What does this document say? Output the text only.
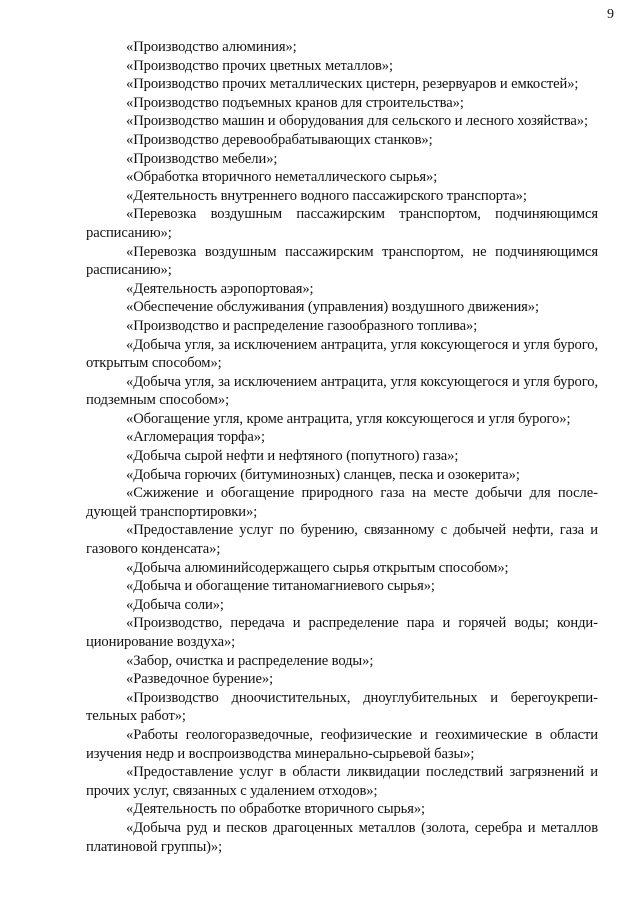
9

«Производство алюминия»;

«Производство прочих цветных металлов»;

«Производство прочих металлических цистерн, резервуаров и емкостей»;

«Производство подъемных кранов для строительства»;

«Производство машин и оборудования для сельского и лесного хозяйства»;

«Производство деревообрабатывающих станков»;

«Производство мебели»;

«Обработка вторичного неметаллического сырья»;

«Деятельность внутреннего водного пассажирского транспорта»;

«Перевозка воздушным пассажирским транспортом, подчиняющимся расписанию»;

«Перевозка воздушным пассажирским транспортом, не подчиняющимся расписанию»;

«Деятельность аэропортовая»;

«Обеспечение обслуживания (управления) воздушного движения»;

«Производство и распределение газообразного топлива»;

«Добыча угля, за исключением антрацита, угля коксующегося и угля бурого, открытым способом»;

«Добыча угля, за исключением антрацита, угля коксующегося и угля бурого, подземным способом»;

«Обогащение угля, кроме антрацита, угля коксующегося и угля бурого»;

«Агломерация торфа»;

«Добыча сырой нефти и нефтяного (попутного) газа»;

«Добыча горючих (битуминозных) сланцев, песка и озокерита»;

«Сжижение и обогащение природного газа на месте добычи для последующей транспортировки»;

«Предоставление услуг по бурению, связанному с добычей нефти, газа и газового конденсата»;

«Добыча алюминийсодержащего сырья открытым способом»;

«Добыча и обогащение титаномагниевого сырья»;

«Добыча соли»;

«Производство, передача и распределение пара и горячей воды; кондиционирование воздуха»;

«Забор, очистка и распределение воды»;

«Разведочное бурение»;

«Производство дноочистительных, дноуглубительных и берегоукрепительных работ»;

«Работы геологоразведочные, геофизические и геохимические в области изучения недр и воспроизводства минерально-сырьевой базы»;

«Предоставление услуг в области ликвидации последствий загрязнений и прочих услуг, связанных с удалением отходов»;

«Деятельность по обработке вторичного сырья»;

«Добыча руд и песков драгоценных металлов (золота, серебра и металлов платиновой группы)»;
